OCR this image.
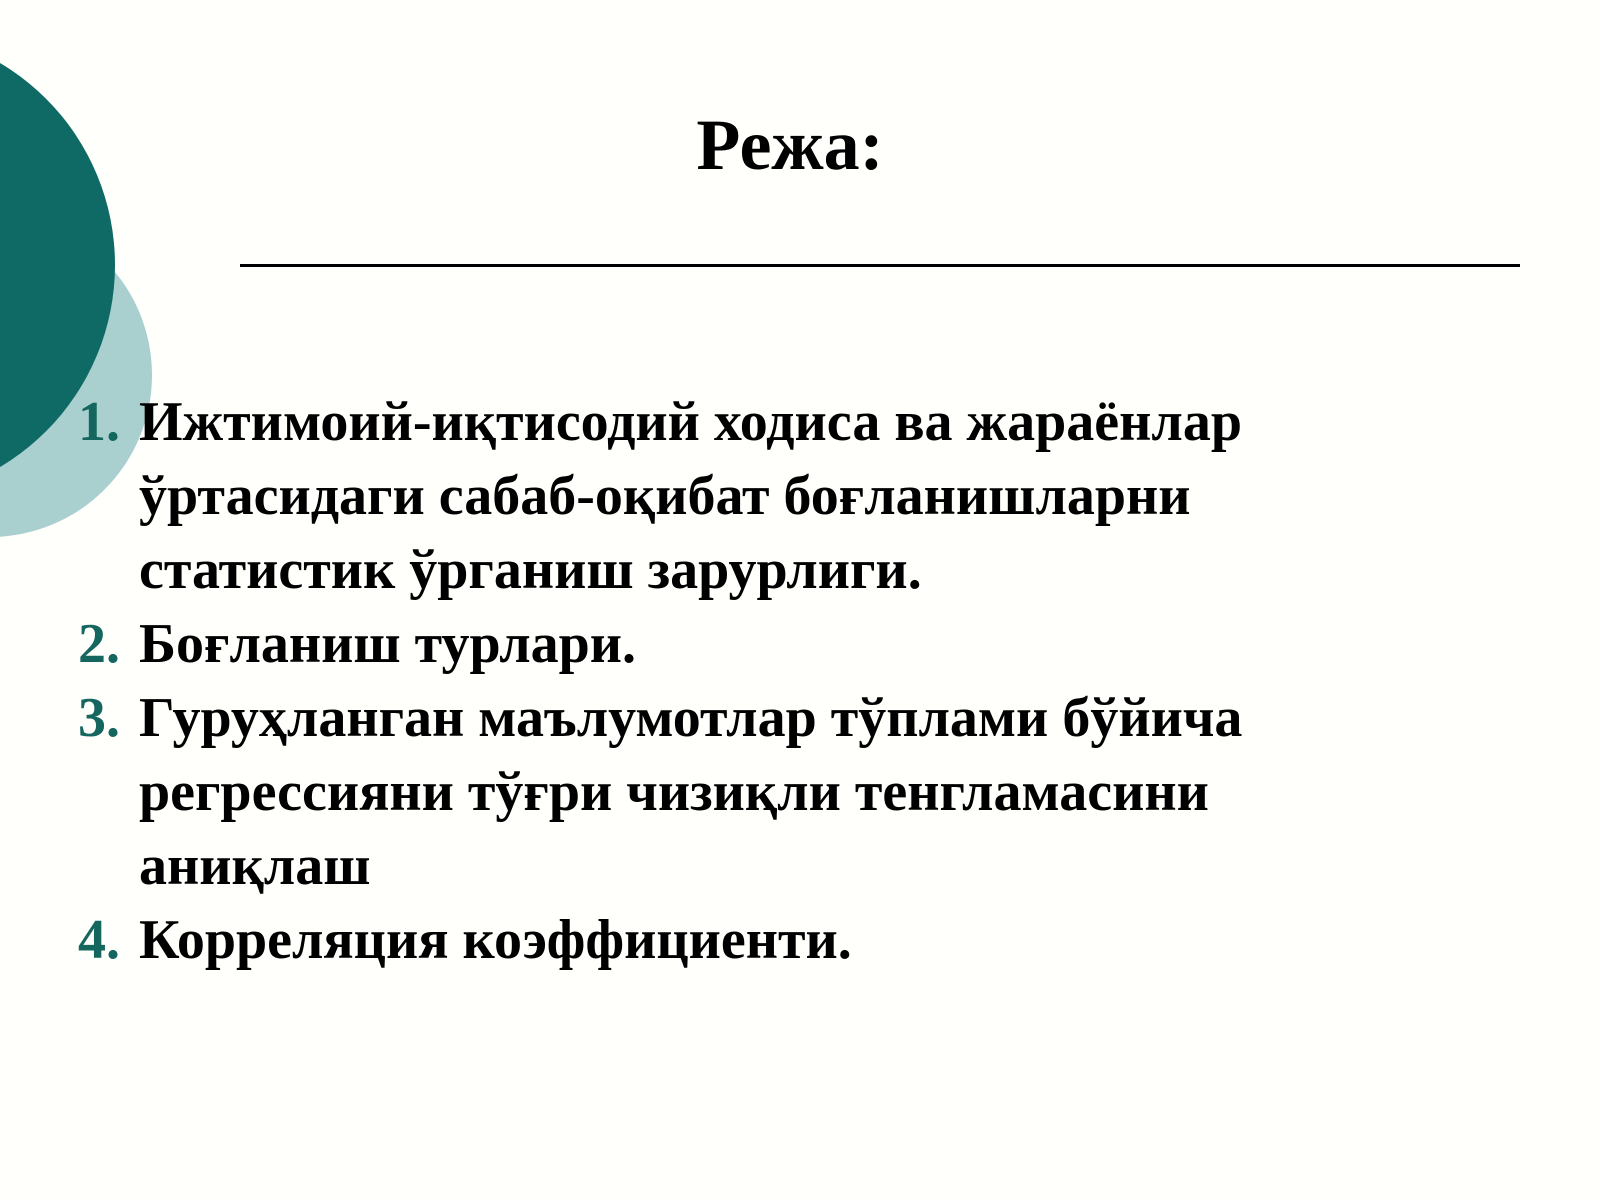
Режа:
1. Ижтимоий-иқтисодий ходиса ва жараёнлар ўртасидаги сабаб-оқибат боғланишларни статистик ўрганиш зарурлиги.
2. Боғланиш турлари.
3. Гуруҳланган маълумотлар тўплами бўйича регрессияни тўғри чизиқли тенгламасини аниқлаш
4. Корреляция коэффициенти.
